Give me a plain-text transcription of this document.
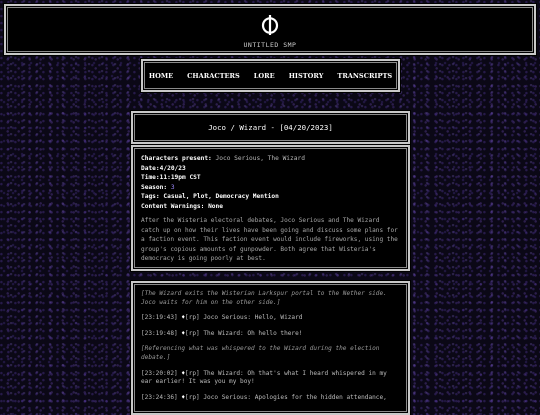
UNTITLED SMP
HOME CHARACTERS LORE HISTORY TRANSCRIPTS
Joco / Wizard - [04/20/2023]
Characters present: Joco Serious, The Wizard
Date:4/20/23
Time:11:19pm CST
Season: 3
Tags: Casual, Plot, Democracy Mention
Content Warnings: None
After the Wisteria electoral debates, Joco Serious and The Wizard catch up on how their lives have been going and discuss some plans for a faction event. This faction event would include fireworks, using the group's copious amounts of gunpowder. Both agree that Wisteria's democracy is going poorly at best.

[The Wizard exits the Wisterian Larkspur portal to the Nether side. Joco waits for him on the other side.]

[23:19:43] ♦[rp] Joco Serious: Hello, Wizard

[23:19:48] ♦[rp] The Wizard: Oh hello there!

[Referencing what was whispered to the Wizard during the election debate.]

[23:20:02] ♦[rp] The Wizard: Oh that's what I heard whispered in my ear earlier! It was you my boy!

[23:24:36] ♦[rp] Joco Serious: Apologies for the hidden attendance,
